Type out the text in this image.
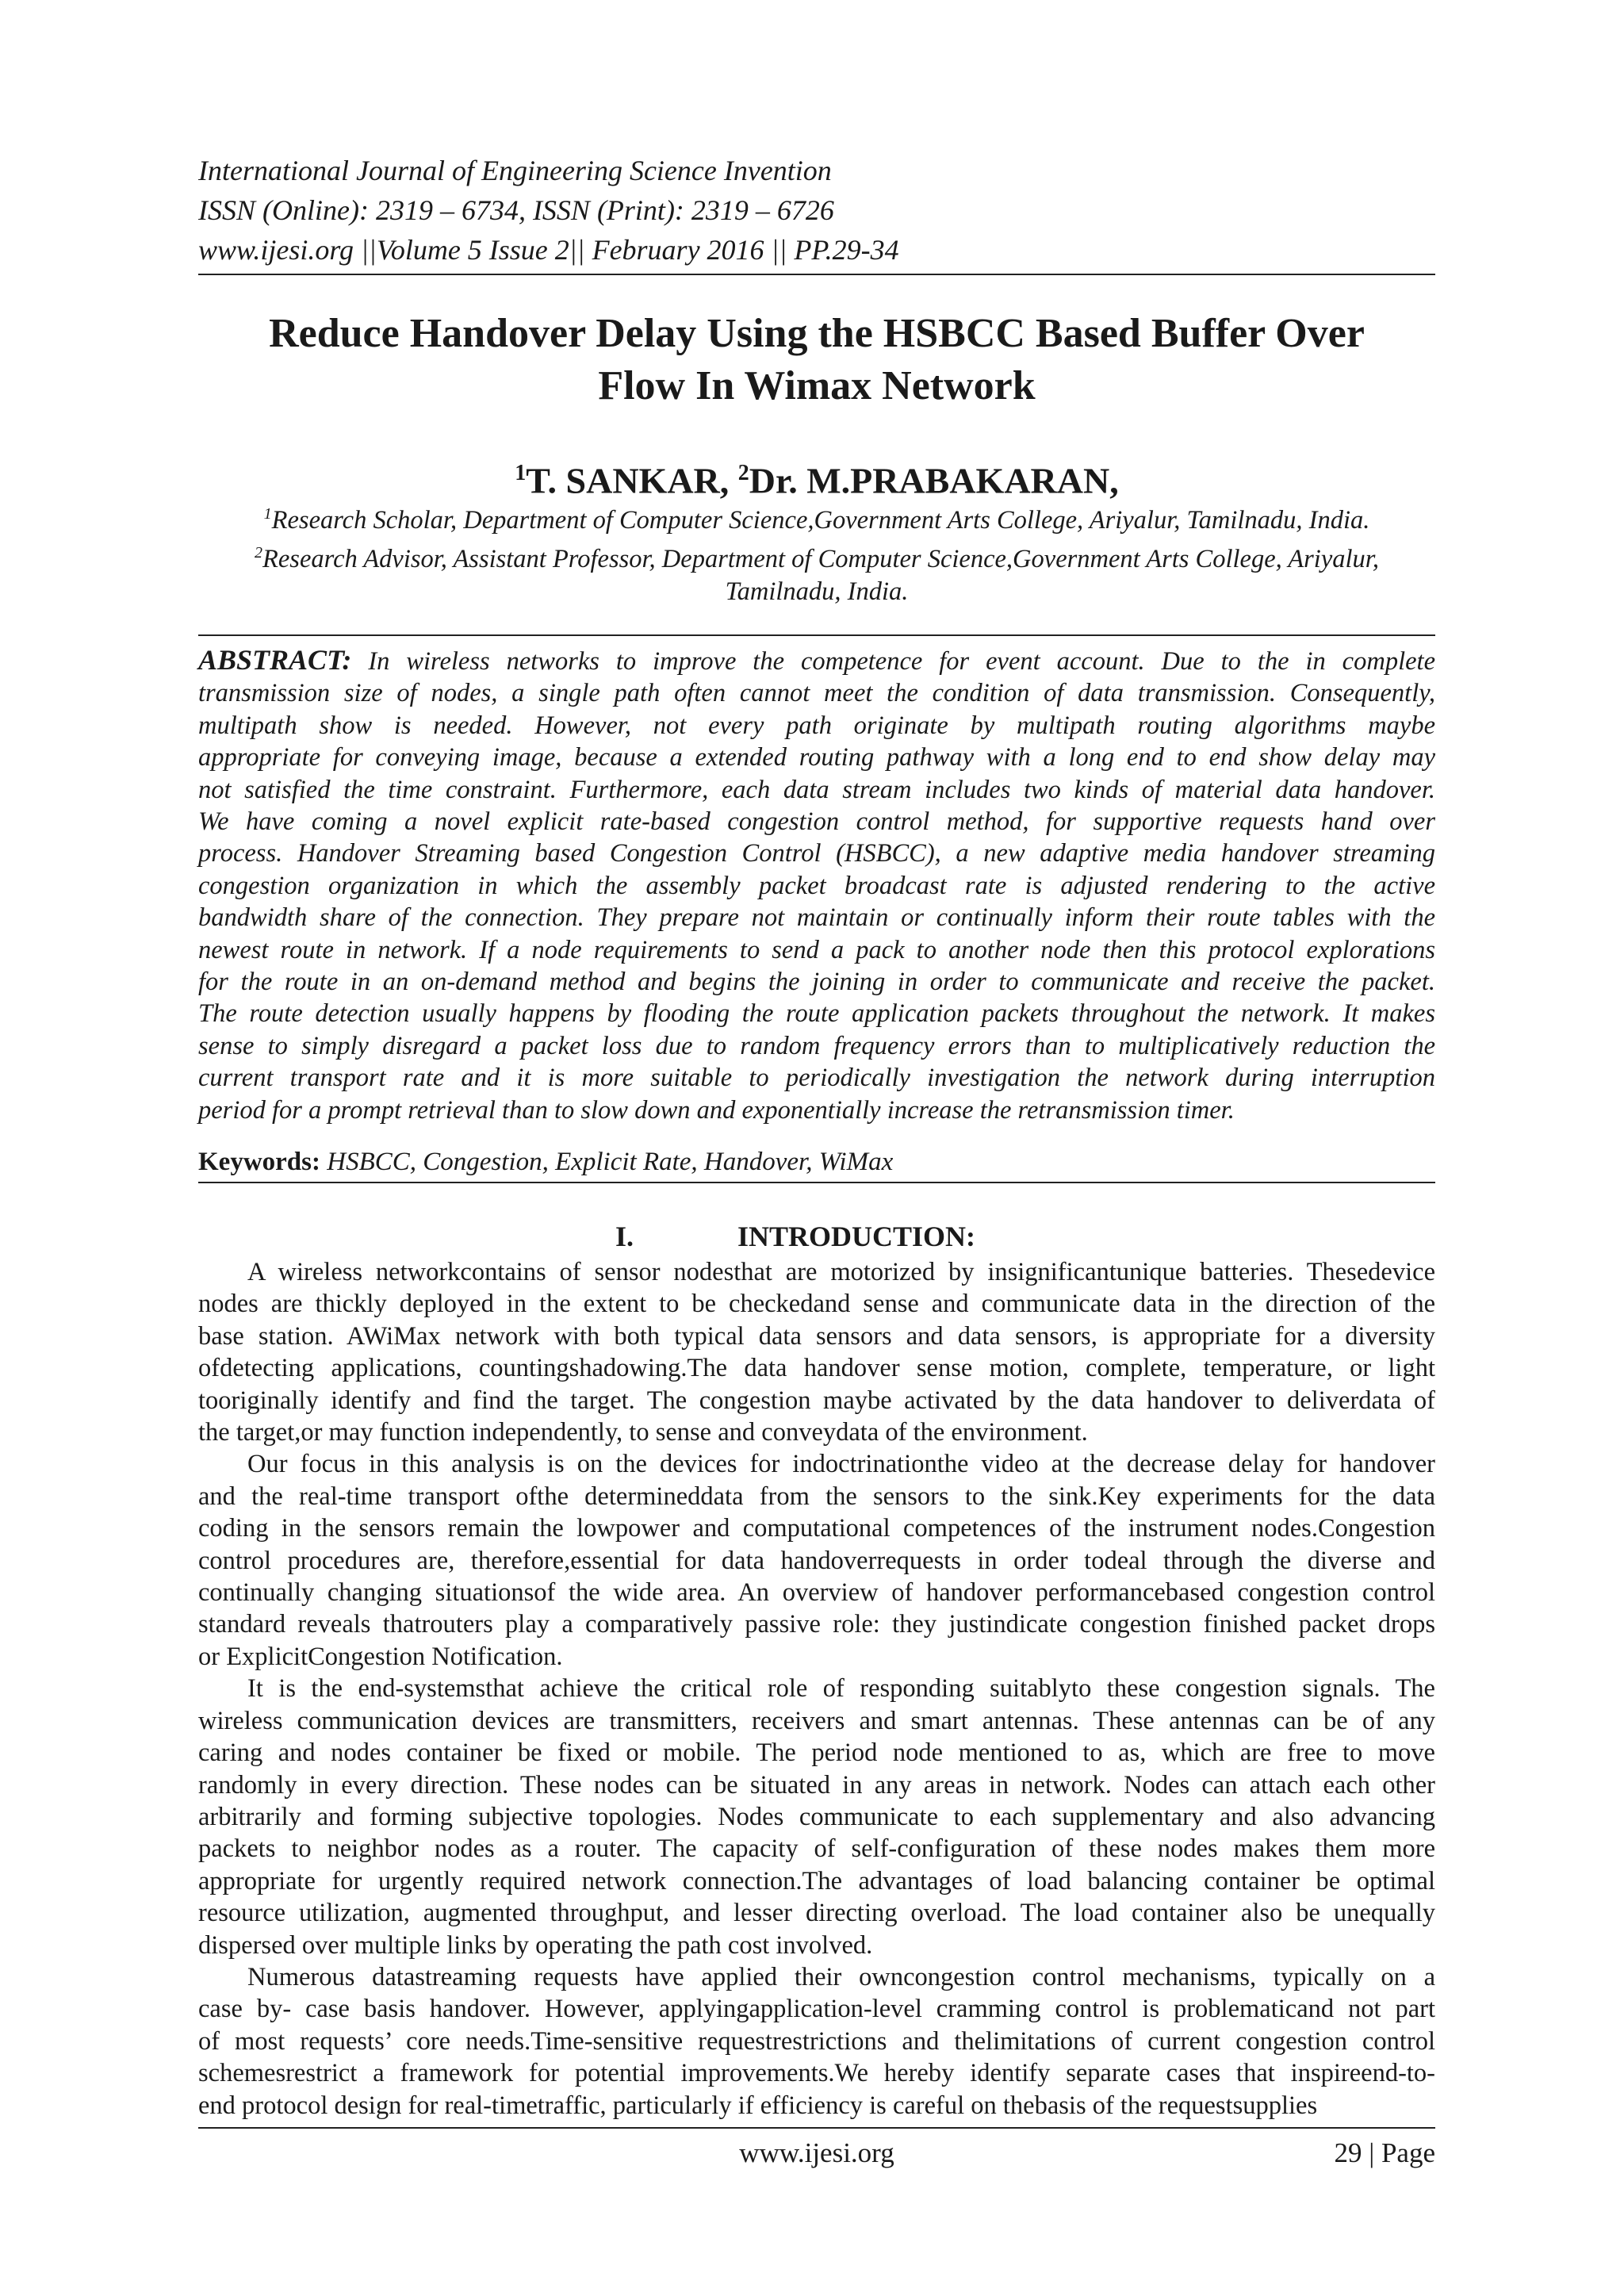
International Journal of Engineering Science Invention
ISSN (Online): 2319 – 6734, ISSN (Print): 2319 – 6726
www.ijesi.org ||Volume 5 Issue 2|| February 2016 || PP.29-34
Reduce Handover Delay Using the HSBCC Based Buffer Over
Flow In Wimax Network
$^1$T. SANKAR, $^2$Dr. M.PRABAKARAN,
$^1$Research Scholar, Department of Computer Science,Government Arts College, Ariyalur, Tamilnadu, India.
$^2$Research Advisor, Assistant Professor, Department of Computer Science,Government Arts College, Ariyalur,
Tamilnadu, India.
ABSTRACT: In wireless networks to improve the competence for event account. Due to the in complete
transmission size of nodes, a single path often cannot meet the condition of data transmission. Consequently,
multipath show is needed. However, not every path originate by multipath routing algorithms maybe
appropriate for conveying image, because a extended routing pathway with a long end to end show delay may
not satisfied the time constraint. Furthermore, each data stream includes two kinds of material data handover.
We have coming a novel explicit rate-based congestion control method, for supportive requests hand over
process. Handover Streaming based Congestion Control (HSBCC), a new adaptive media handover streaming
congestion organization in which the assembly packet broadcast rate is adjusted rendering to the active
bandwidth share of the connection. They prepare not maintain or continually inform their route tables with the
newest route in network. If a node requirements to send a pack to another node then this protocol explorations
for the route in an on-demand method and begins the joining in order to communicate and receive the packet.
The route detection usually happens by flooding the route application packets throughout the network. It makes
sense to simply disregard a packet loss due to random frequency errors than to multiplicatively reduction the
current transport rate and it is more suitable to periodically investigation the network during interruption
period for a prompt retrieval than to slow down and exponentially increase the retransmission timer.
Keywords: HSBCC, Congestion, Explicit Rate, Handover, WiMax
I.	INTRODUCTION:
A wireless networkcontains of sensor nodesthat are motorized by insignificantunique batteries. Thesedevice
nodes are thickly deployed in the extent to be checkedand sense and communicate data in the direction of the
base station. AWiMax network with both typical data sensors and data sensors, is appropriate for a diversity
ofdetecting applications, countingshadowing.The data handover sense motion, complete, temperature, or light
tooriginally identify and find the target. The congestion maybe activated by the data handover to deliverdata of
the target,or may function independently, to sense and conveydata of the environment.
Our focus in this analysis is on the devices for indoctrinationthe video at the decrease delay for handover
and the real-time transport ofthe determineddata from the sensors to the sink.Key experiments for the data
coding in the sensors remain the lowpower and computational competences of the instrument nodes.Congestion
control procedures are, therefore,essential for data handoverrequests in order todeal through the diverse and
continually changing situationsof the wide area. An overview of handover performancebased congestion control
standard reveals thatrouters play a comparatively passive role: they justindicate congestion finished packet drops
or ExplicitCongestion Notification.
It is the end-systemsthat achieve the critical role of responding suitablyto these congestion signals. The
wireless communication devices are transmitters, receivers and smart antennas. These antennas can be of any
caring and nodes container be fixed or mobile. The period node mentioned to as, which are free to move
randomly in every direction. These nodes can be situated in any areas in network. Nodes can attach each other
arbitrarily and forming subjective topologies. Nodes communicate to each supplementary and also advancing
packets to neighbor nodes as a router. The capacity of self-configuration of these nodes makes them more
appropriate for urgently required network connection.The advantages of load balancing container be optimal
resource utilization, augmented throughput, and lesser directing overload. The load container also be unequally
dispersed over multiple links by operating the path cost involved.
Numerous datastreaming requests have applied their owncongestion control mechanisms, typically on a
case by- case basis handover. However, applyingapplication-level cramming control is problematicand not part
of most requests’ core needs.Time-sensitive requestrestrictions and thelimitations of current congestion control
schemesrestrict a framework for potential improvements.We hereby identify separate cases that inspireend-to-
end protocol design for real-timetraffic, particularly if efficiency is careful on thebasis of the requestsupplies
www.ijesi.org	29 | Page
